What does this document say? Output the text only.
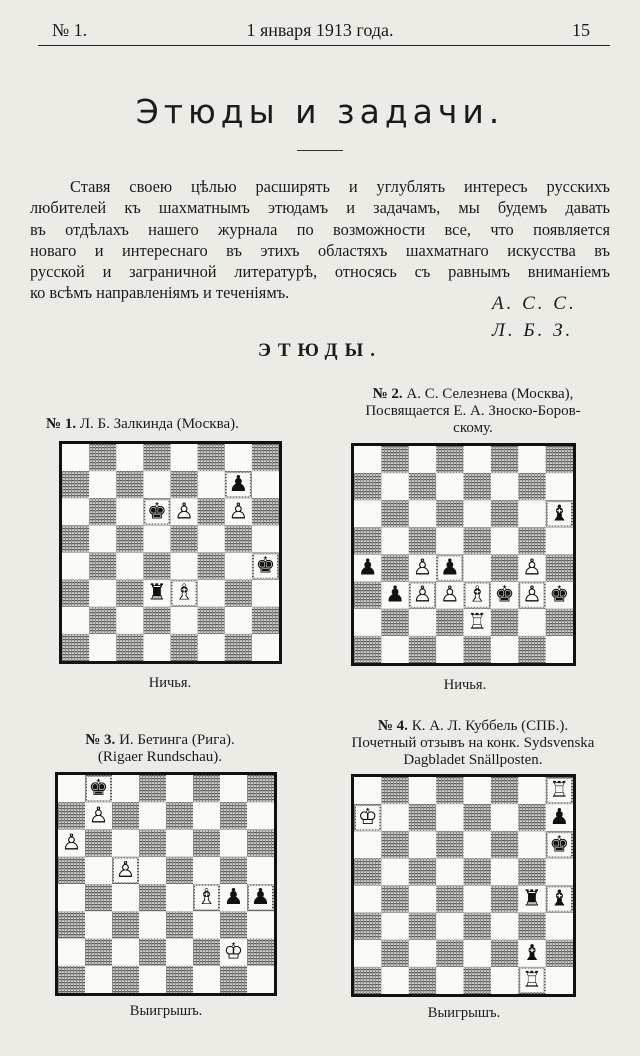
№ 1.	1 января 1913 года.	15
Этюды и задачи.
Ставя своею цѣлью расширять и углублять интересъ русскихъ
любителей къ шахматнымъ этюдамъ и задачамъ, мы будемъ давать
въ отдѣлахъ нашего журнала по возможности все, что появляется
новаго и интереснаго въ этихъ областяхъ шахматнаго искусства въ
русской и заграничной литературѣ, относясь съ равнымъ вниманіемъ
ко всѣмъ направленіямъ и теченіямъ.
А. С. С.
Л. Б. З.
ЭТЮДЫ.
№ 1. Л. Б. Залкинда (Москва).
♟
♚ ♙ ♙
♚
♜ ♗
Ничья.
№ 2. А. С. Селезнева (Москва),
Посвящается Е. А. Зноско-Боров-
скому.
♝
♟ ♙ ♟	♙
♟ ♙ ♙ ♗ ♚ ♙ ♚
♖
Ничья.
№ 3. И. Бетинга (Рига).
(Rigaer Rundschau).
♚
♙
♙
♙
♗ ♟ ♟
♔
Выигрышъ.
№ 4. К. А. Л. Куббель (СПБ.).
Почетный отзывъ на конк. Sydsvenska
Dagbladet Snällposten.
♖
♔	♟
♚
♜ ♝
♝
♖
Выигрышъ.
